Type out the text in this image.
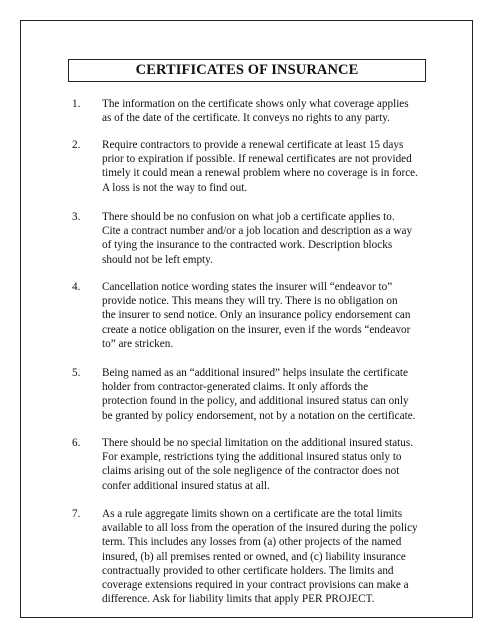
CERTIFICATES OF INSURANCE
1.	The information on the certificate shows only what coverage applies
as of the date of the certificate. It conveys no rights to any party.
2.	Require contractors to provide a renewal certificate at least 15 days
prior to expiration if possible. If renewal certificates are not provided
timely it could mean a renewal problem where no coverage is in force.
A loss is not the way to find out.
3.	There should be no confusion on what job a certificate applies to.
Cite a contract number and/or a job location and description as a way
of tying the insurance to the contracted work. Description blocks
should not be left empty.
4.	Cancellation notice wording states the insurer will “endeavor to”
provide notice. This means they will try. There is no obligation on
the insurer to send notice. Only an insurance policy endorsement can
create a notice obligation on the insurer, even if the words “endeavor
to” are stricken.
5.	Being named as an “additional insured” helps insulate the certificate
holder from contractor-generated claims. It only affords the
protection found in the policy, and additional insured status can only
be granted by policy endorsement, not by a notation on the certificate.
6.	There should be no special limitation on the additional insured status.
For example, restrictions tying the additional insured status only to
claims arising out of the sole negligence of the contractor does not
confer additional insured status at all.
7.	As a rule aggregate limits shown on a certificate are the total limits
available to all loss from the operation of the insured during the policy
term. This includes any losses from (a) other projects of the named
insured, (b) all premises rented or owned, and (c) liability insurance
contractually provided to other certificate holders. The limits and
coverage extensions required in your contract provisions can make a
difference. Ask for liability limits that apply PER PROJECT.
